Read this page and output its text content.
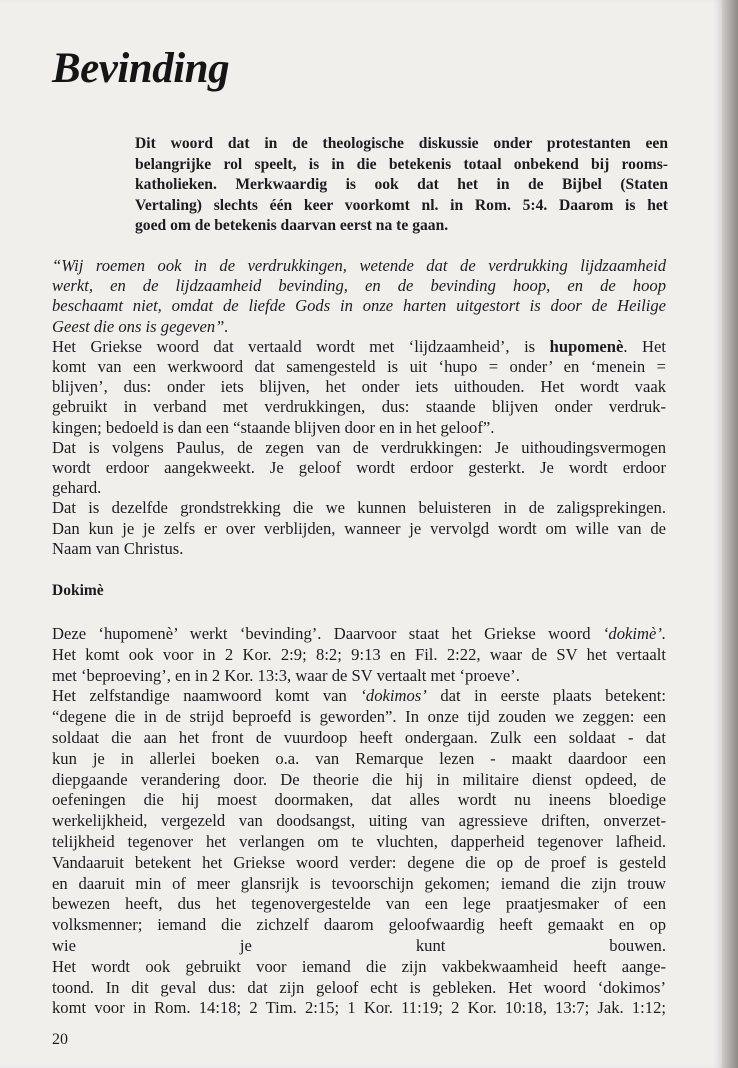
Bevinding
Dit woord dat in de theologische diskussie onder protestanten een
belangrijke rol speelt, is in die betekenis totaal onbekend bij rooms-
katholieken. Merkwaardig is ook dat het in de Bijbel (Staten
Vertaling) slechts één keer voorkomt nl. in Rom. 5:4. Daarom is het
goed om de betekenis daarvan eerst na te gaan.
“Wij roemen ook in de verdrukkingen, wetende dat de verdrukking lijdzaamheid
werkt, en de lijdzaamheid bevinding, en de bevinding hoop, en de hoop
beschaamt niet, omdat de liefde Gods in onze harten uitgestort is door de Heilige
Geest die ons is gegeven”.
Het Griekse woord dat vertaald wordt met ‘lijdzaamheid’, is hupomenè. Het
komt van een werkwoord dat samengesteld is uit ‘hupo = onder’ en ‘menein =
blijven’, dus: onder iets blijven, het onder iets uithouden. Het wordt vaak
gebruikt in verband met verdrukkingen, dus: staande blijven onder verdruk-
kingen; bedoeld is dan een “staande blijven door en in het geloof”.
Dat is volgens Paulus, de zegen van de verdrukkingen: Je uithoudingsvermogen
wordt erdoor aangekweekt. Je geloof wordt erdoor gesterkt. Je wordt erdoor
gehard.
Dat is dezelfde grondstrekking die we kunnen beluisteren in de zaligsprekingen.
Dan kun je je zelfs er over verblijden, wanneer je vervolgd wordt om wille van de
Naam van Christus.
Dokimè
Deze ‘hupomenè’ werkt ‘bevinding’. Daarvoor staat het Griekse woord ‘dokimè’.
Het komt ook voor in 2 Kor. 2:9; 8:2; 9:13 en Fil. 2:22, waar de SV het vertaalt
met ‘beproeving’, en in 2 Kor. 13:3, waar de SV vertaalt met ‘proeve’.
Het zelfstandige naamwoord komt van ‘dokimos’ dat in eerste plaats betekent:
“degene die in de strijd beproefd is geworden”. In onze tijd zouden we zeggen: een
soldaat die aan het front de vuurdoop heeft ondergaan. Zulk een soldaat - dat
kun je in allerlei boeken o.a. van Remarque lezen - maakt daardoor een
diepgaande verandering door. De theorie die hij in militaire dienst opdeed, de
oefeningen die hij moest doormaken, dat alles wordt nu ineens bloedige
werkelijkheid, vergezeld van doodsangst, uiting van agressieve driften, onverzet-
telijkheid tegenover het verlangen om te vluchten, dapperheid tegenover lafheid.
Vandaaruit betekent het Griekse woord verder: degene die op de proef is gesteld
en daaruit min of meer glansrijk is tevoorschijn gekomen; iemand die zijn trouw
bewezen heeft, dus het tegenovergestelde van een lege praatjesmaker of een
volksmenner; iemand die zichzelf daarom geloofwaardig heeft gemaakt en op
wie je kunt bouwen.
Het wordt ook gebruikt voor iemand die zijn vakbekwaamheid heeft aange-
toond. In dit geval dus: dat zijn geloof echt is gebleken. Het woord ‘dokimos’
komt voor in Rom. 14:18; 2 Tim. 2:15; 1 Kor. 11:19; 2 Kor. 10:18, 13:7; Jak. 1:12;
20
